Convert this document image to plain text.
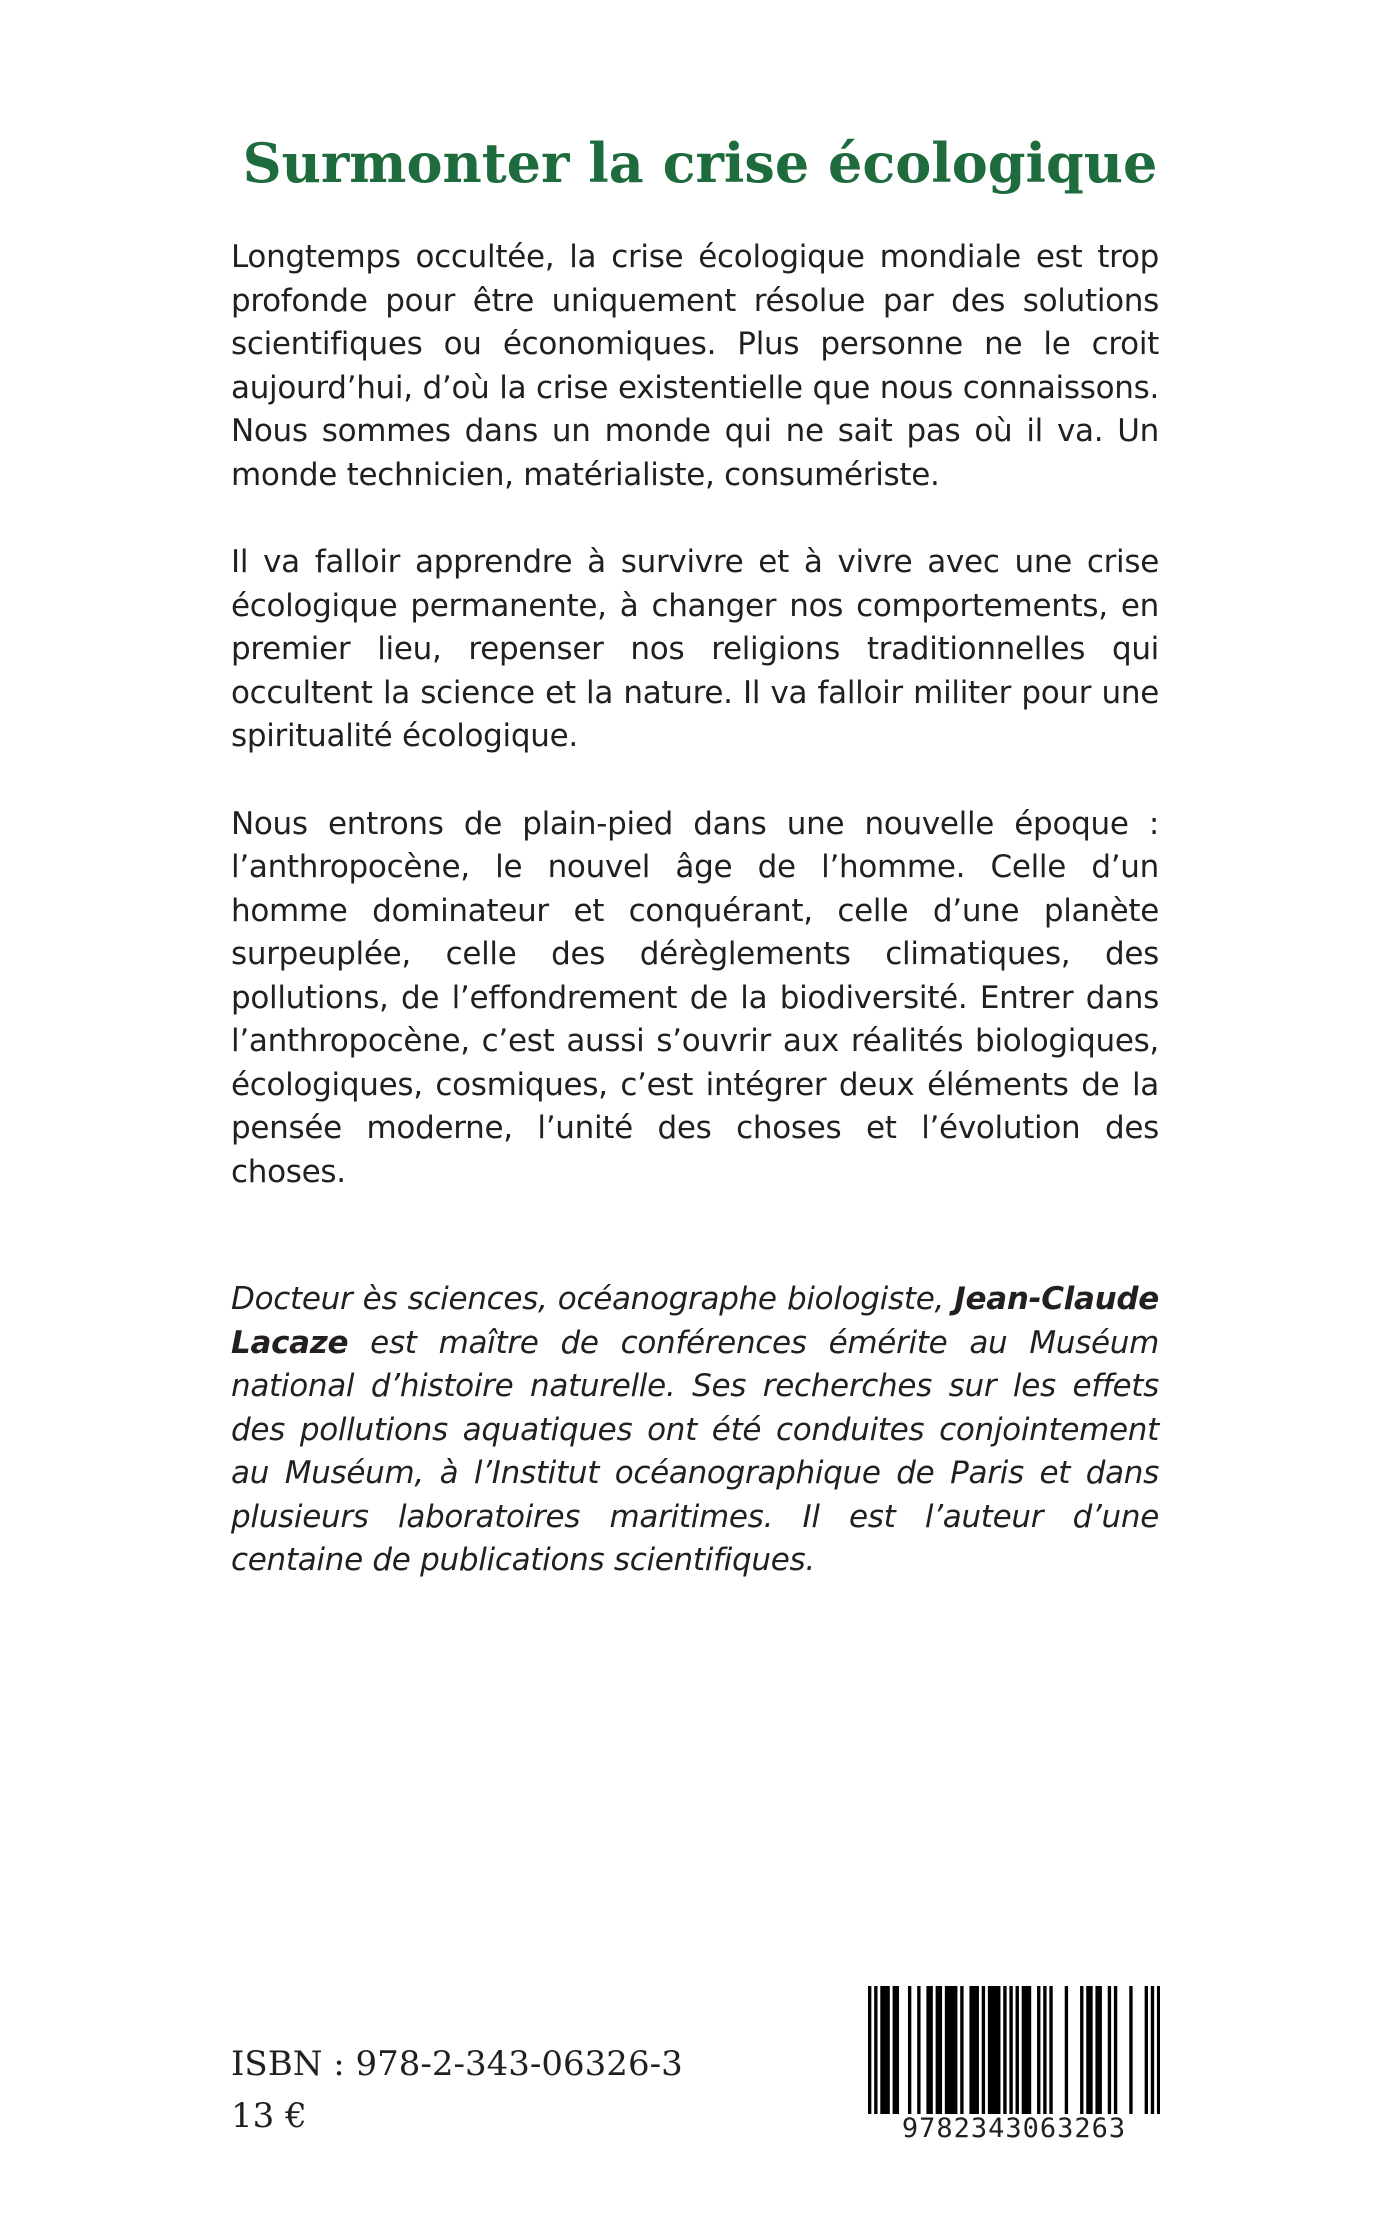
Surmonter la crise écologique

Longtemps occultée, la crise écologique mondiale est trop profonde pour être uniquement résolue par des solutions scientifiques ou économiques. Plus personne ne le croit aujourd’hui, d’où la crise existentielle que nous connaissons. Nous sommes dans un monde qui ne sait pas où il va. Un monde technicien, matérialiste, consumériste.

Il va falloir apprendre à survivre et à vivre avec une crise écologique permanente, à changer nos comportements, en premier lieu, repenser nos religions traditionnelles qui occultent la science et la nature. Il va falloir militer pour une spiritualité écologique.

Nous entrons de plain-pied dans une nouvelle époque : l’anthropocène, le nouvel âge de l’homme. Celle d’un homme dominateur et conquérant, celle d’une planète surpeuplée, celle des dérèglements climatiques, des pollutions, de l’effondrement de la biodiversité. Entrer dans l’anthropocène, c’est aussi s’ouvrir aux réalités biologiques, écologiques, cosmiques, c’est intégrer deux éléments de la pensée moderne, l’unité des choses et l’évolution des choses.

Docteur ès sciences, océanographe biologiste, Jean-Claude Lacaze est maître de conférences émérite au Muséum national d’histoire naturelle. Ses recherches sur les effets des pollutions aquatiques ont été conduites conjointement au Muséum, à l’Institut océanographique de Paris et dans plusieurs laboratoires maritimes. Il est l’auteur d’une centaine de publications scientifiques.

ISBN : 978-2-343-06326-3

13 €	9782343063263
